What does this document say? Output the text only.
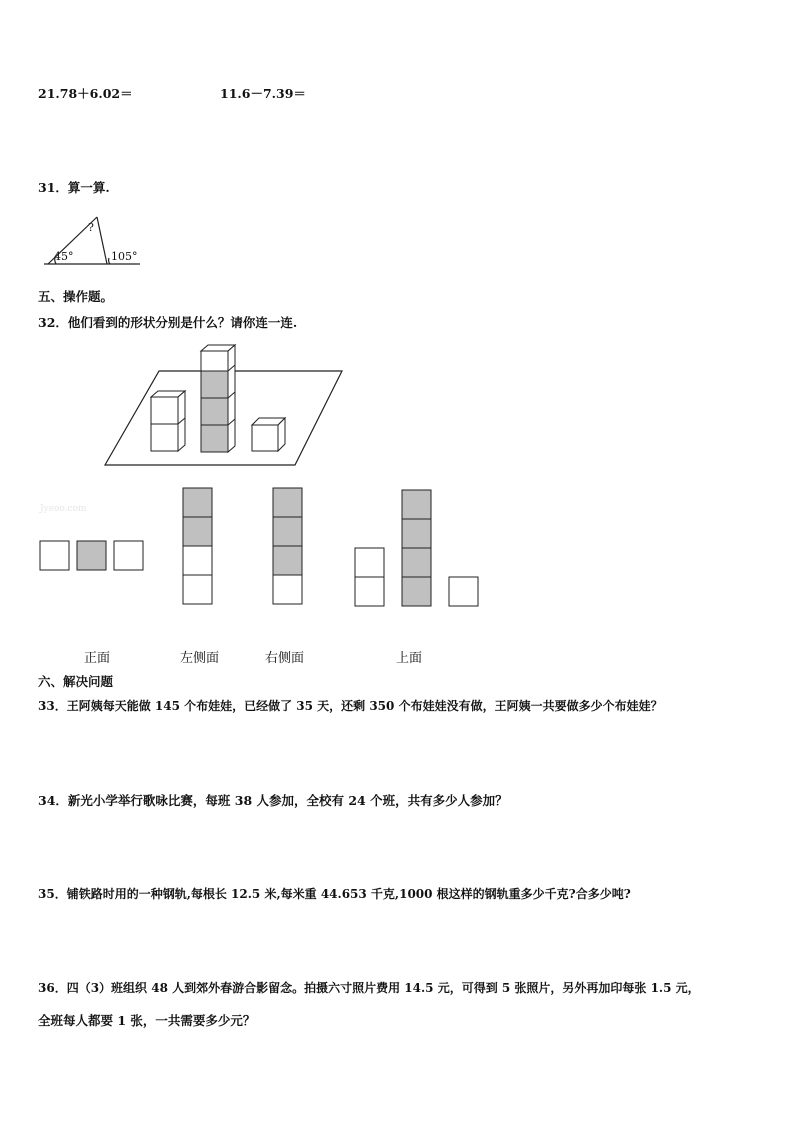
21.78＋6.02＝	11.6－7.39＝
31．算一算.
?
45°	105°
五、操作题。
32．他们看到的形状分别是什么？请你连一连.
Jyeoo.com
正面	左侧面	右侧面	上面
六、解决问题
33．王阿姨每天能做 145 个布娃娃，已经做了 35 天，还剩 350 个布娃娃没有做，王阿姨一共要做多少个布娃娃？
34．新光小学举行歌咏比赛，每班 38 人参加，全校有 24 个班，共有多少人参加？
35．铺铁路时用的一种钢轨,每根长 12.5 米,每米重 44.653 千克,1000 根这样的钢轨重多少千克?合多少吨?
36．四（3）班组织 48 人到郊外春游合影留念。拍摄六寸照片费用 14.5 元，可得到 5 张照片，另外再加印每张 1.5 元，
全班每人都要 1 张，一共需要多少元？
